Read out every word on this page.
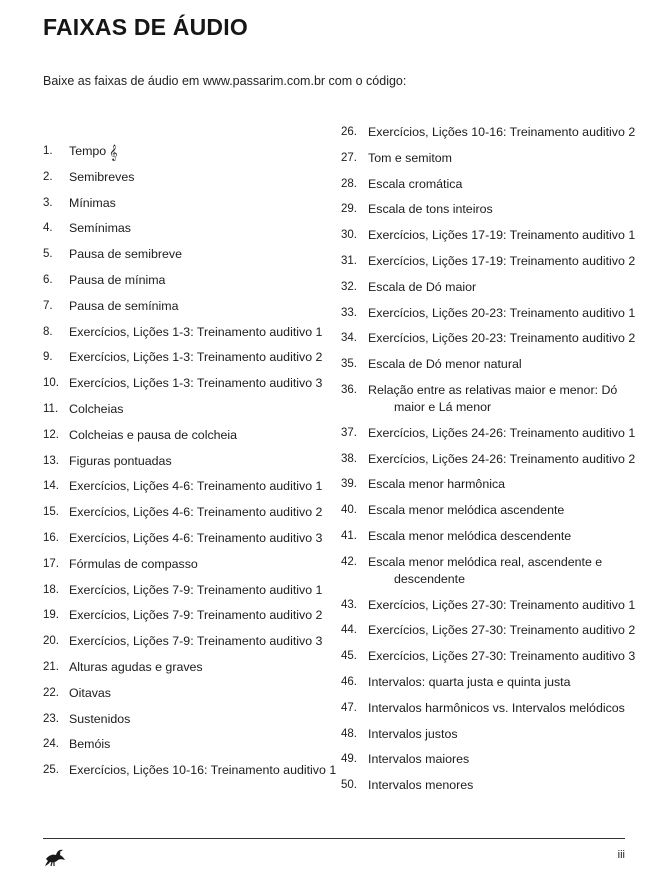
FAIXAS DE ÁUDIO
Baixe as faixas de áudio em www.passarim.com.br com o código:
1.	Tempo 𝄞
2.	Semibreves
3.	Mínimas
4.	Semínimas
5.	Pausa de semibreve
6.	Pausa de mínima
7.	Pausa de semínima
8.	Exercícios, Lições 1-3: Treinamento auditivo 1
9.	Exercícios, Lições 1-3: Treinamento auditivo 2
10. Exercícios, Lições 1-3: Treinamento auditivo 3
11. Colcheias
12. Colcheias e pausa de colcheia
13. Figuras pontuadas
14. Exercícios, Lições 4-6: Treinamento auditivo 1
15. Exercícios, Lições 4-6: Treinamento auditivo 2
16. Exercícios, Lições 4-6: Treinamento auditivo 3
17. Fórmulas de compasso
18. Exercícios, Lições 7-9: Treinamento auditivo 1
19. Exercícios, Lições 7-9: Treinamento auditivo 2
20. Exercícios, Lições 7-9: Treinamento auditivo 3
21. Alturas agudas e graves
22. Oitavas
23. Sustenidos
24. Bemóis
25. Exercícios, Lições 10-16: Treinamento auditivo 1
26. Exercícios, Lições 10-16: Treinamento auditivo 2
27. Tom e semitom
28. Escala cromática
29. Escala de tons inteiros
30. Exercícios, Lições 17-19: Treinamento auditivo 1
31. Exercícios, Lições 17-19: Treinamento auditivo 2
32. Escala de Dó maior
33. Exercícios, Lições 20-23: Treinamento auditivo 1
34. Exercícios, Lições 20-23: Treinamento auditivo 2
35. Escala de Dó menor natural
36. Relação entre as relativas maior e menor: Dó
maior e Lá menor
37. Exercícios, Lições 24-26: Treinamento auditivo 1
38. Exercícios, Lições 24-26: Treinamento auditivo 2
39. Escala menor harmônica
40. Escala menor melódica ascendente
41. Escala menor melódica descendente
42. Escala menor melódica real, ascendente e
descendente
43. Exercícios, Lições 27-30: Treinamento auditivo 1
44. Exercícios, Lições 27-30: Treinamento auditivo 2
45. Exercícios, Lições 27-30: Treinamento auditivo 3
46. Intervalos: quarta justa e quinta justa
47. Intervalos harmônicos vs. Intervalos melódicos
48. Intervalos justos
49. Intervalos maiores
50. Intervalos menores
iii
